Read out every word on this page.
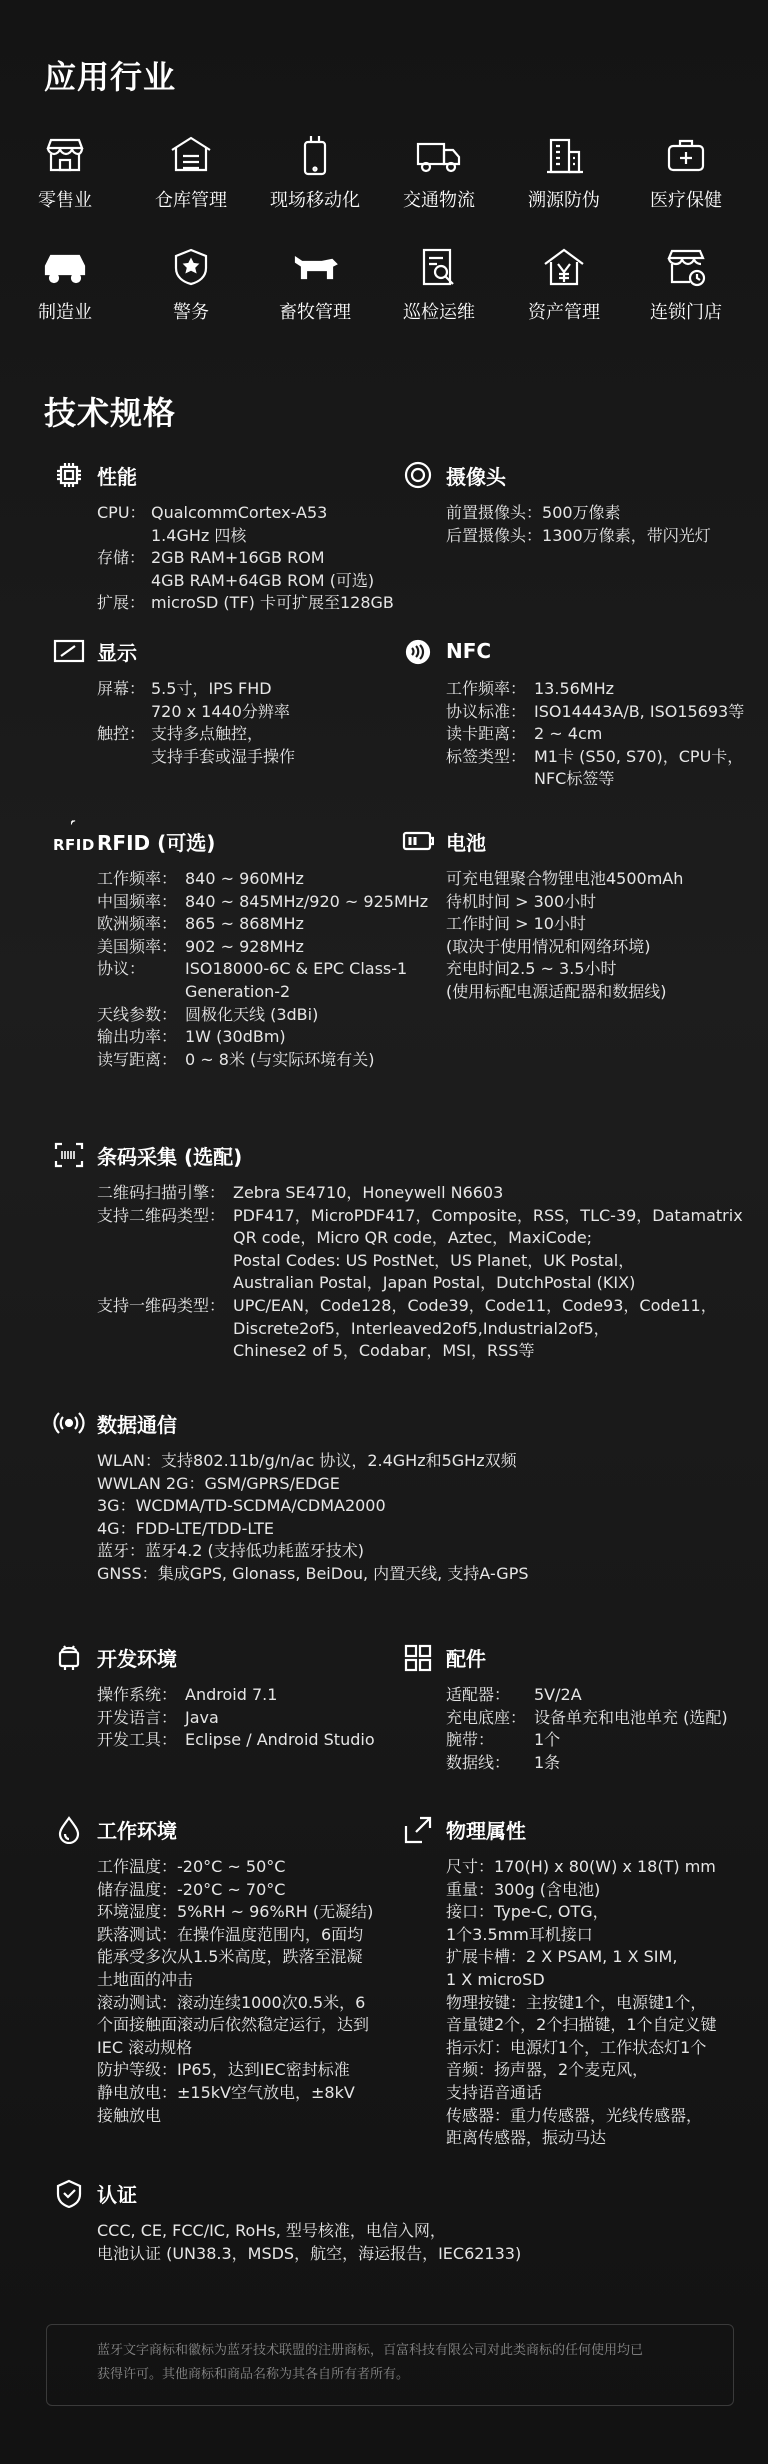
应用行业
零售业	仓库管理	现场移动化	交通物流	溯源防伪	医疗保健
制造业	警务	畜牧管理	巡检运维	资产管理	连锁门店
技术规格
性能
CPU： QualcommCortex-A53
1.4GHz 四核
存储： 2GB RAM+16GB ROM
4GB RAM+64GB ROM (可选)
扩展： microSD (TF) 卡可扩展至128GB
摄像头
前置摄像头： 500万像素
后置摄像头： 1300万像素，带闪光灯
显示
屏幕： 5.5寸，IPS FHD
720 x 1440分辨率
触控： 支持多点触控，
支持手套或湿手操作
NFC
工作频率： 13.56MHz
协议标准： ISO14443A/B, ISO15693等
读卡距离： 2 ~ 4cm
标签类型： M1卡 (S50, S70)，CPU卡，
NFC标签等
RFID RFID (可选)
工作频率： 840 ~ 960MHz
中国频率： 840 ~ 845MHz/920 ~ 925MHz
欧洲频率： 865 ~ 868MHz
美国频率： 902 ~ 928MHz
协议：	ISO18000-6C & EPC Class-1
Generation-2
天线参数： 圆极化天线 (3dBi)
输出功率： 1W (30dBm)
读写距离： 0 ~ 8米 (与实际环境有关)
电池
可充电锂聚合物锂电池4500mAh
待机时间 > 300小时
工作时间 > 10小时
(取决于使用情况和网络环境)
充电时间2.5 ~ 3.5小时
(使用标配电源适配器和数据线)
条码采集 (选配)
二维码扫描引擎： Zebra SE4710，Honeywell N6603
支持二维码类型： PDF417，MicroPDF417，Composite，RSS，TLC-39，Datamatrix
QR code，Micro QR code，Aztec，MaxiCode;
Postal Codes: US PostNet，US Planet，UK Postal，
Australian Postal，Japan Postal，DutchPostal (KIX)
支持一维码类型： UPC/EAN，Code128，Code39，Code11，Code93，Code11，
Discrete2of5，Interleaved2of5,Industrial2of5，
Chinese2 of 5，Codabar，MSI，RSS等
数据通信
WLAN： 支持802.11b/g/n/ac 协议，2.4GHz和5GHz双频
WWLAN 2G： GSM/GPRS/EDGE
3G： WCDMA/TD-SCDMA/CDMA2000
4G： FDD-LTE/TDD-LTE
蓝牙： 蓝牙4.2 (支持低功耗蓝牙技术)
GNSS： 集成GPS, Glonass, BeiDou, 内置天线, 支持A-GPS
开发环境
操作系统： Android 7.1
开发语言： Java
开发工具： Eclipse / Android Studio
配件
适配器：	5V/2A
充电底座： 设备单充和电池单充 (选配)
腕带：	1个
数据线：	1条
工作环境
工作温度：-20°C ~ 50°C
储存温度：-20°C ~ 70°C
环境湿度：5%RH ~ 96%RH (无凝结)
跌落测试：在操作温度范围内，6面均
能承受多次从1.5米高度，跌落至混凝
土地面的冲击
滚动测试：滚动连续1000次0.5米，6
个面接触面滚动后依然稳定运行，达到
IEC 滚动规格
防护等级：IP65，达到IEC密封标准
静电放电：±15kV空气放电，±8kV
接触放电
物理属性
尺寸：170(H) x 80(W) x 18(T) mm
重量：300g (含电池)
接口：Type-C, OTG，
1个3.5mm耳机接口
扩展卡槽：2 X PSAM, 1 X SIM,
1 X microSD
物理按键：主按键1个，电源键1个，
音量键2个，2个扫描键，1个自定义键
指示灯：电源灯1个，工作状态灯1个
音频：扬声器，2个麦克风，
支持语音通话
传感器：重力传感器，光线传感器，
距离传感器，振动马达
认证
CCC, CE, FCC/IC, RoHs, 型号核准，电信入网，
电池认证 (UN38.3，MSDS，航空，海运报告，IEC62133)
蓝牙文字商标和徽标为蓝牙技术联盟的注册商标，百富科技有限公司对此类商标的任何使用均已
获得许可。其他商标和商品名称为其各自所有者所有。
